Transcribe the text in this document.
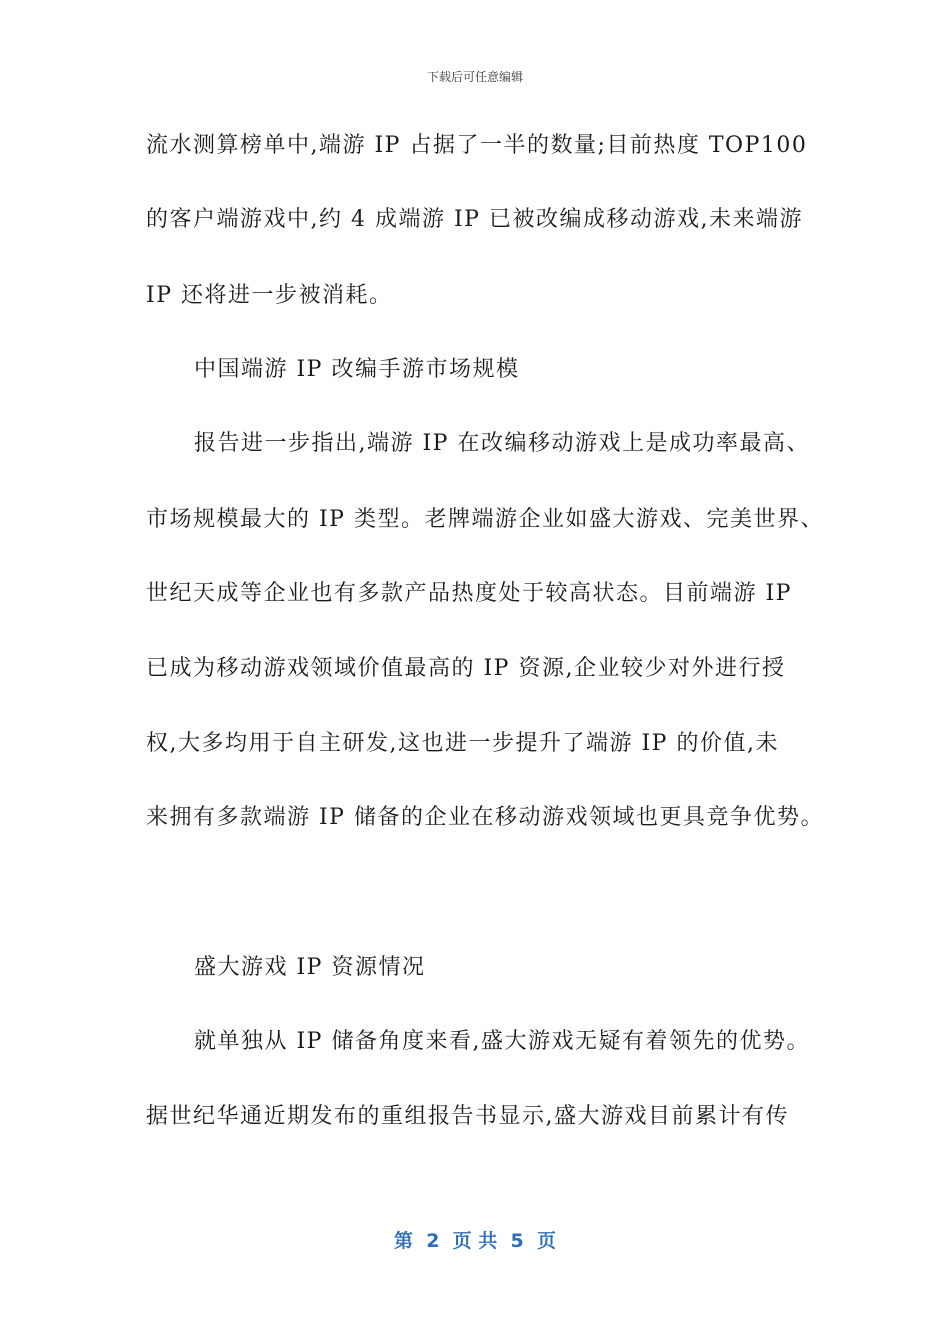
下载后可任意编辑
流水测算榜单中,端游 IP 占据了一半的数量;目前热度 TOP100
的客户端游戏中,约 4 成端游 IP 已被改编成移动游戏,未来端游
IP 还将进一步被消耗。
中国端游 IP 改编手游市场规模
报告进一步指出,端游 IP 在改编移动游戏上是成功率最高、
市场规模最大的 IP 类型。老牌端游企业如盛大游戏、完美世界、
世纪天成等企业也有多款产品热度处于较高状态。目前端游 IP
已成为移动游戏领域价值最高的 IP 资源,企业较少对外进行授
权,大多均用于自主研发,这也进一步提升了端游 IP 的价值,未
来拥有多款端游 IP 储备的企业在移动游戏领域也更具竞争优势。
盛大游戏 IP 资源情况
就单独从 IP 储备角度来看,盛大游戏无疑有着领先的优势。
据世纪华通近期发布的重组报告书显示,盛大游戏目前累计有传
第  2  页 共  5  页
